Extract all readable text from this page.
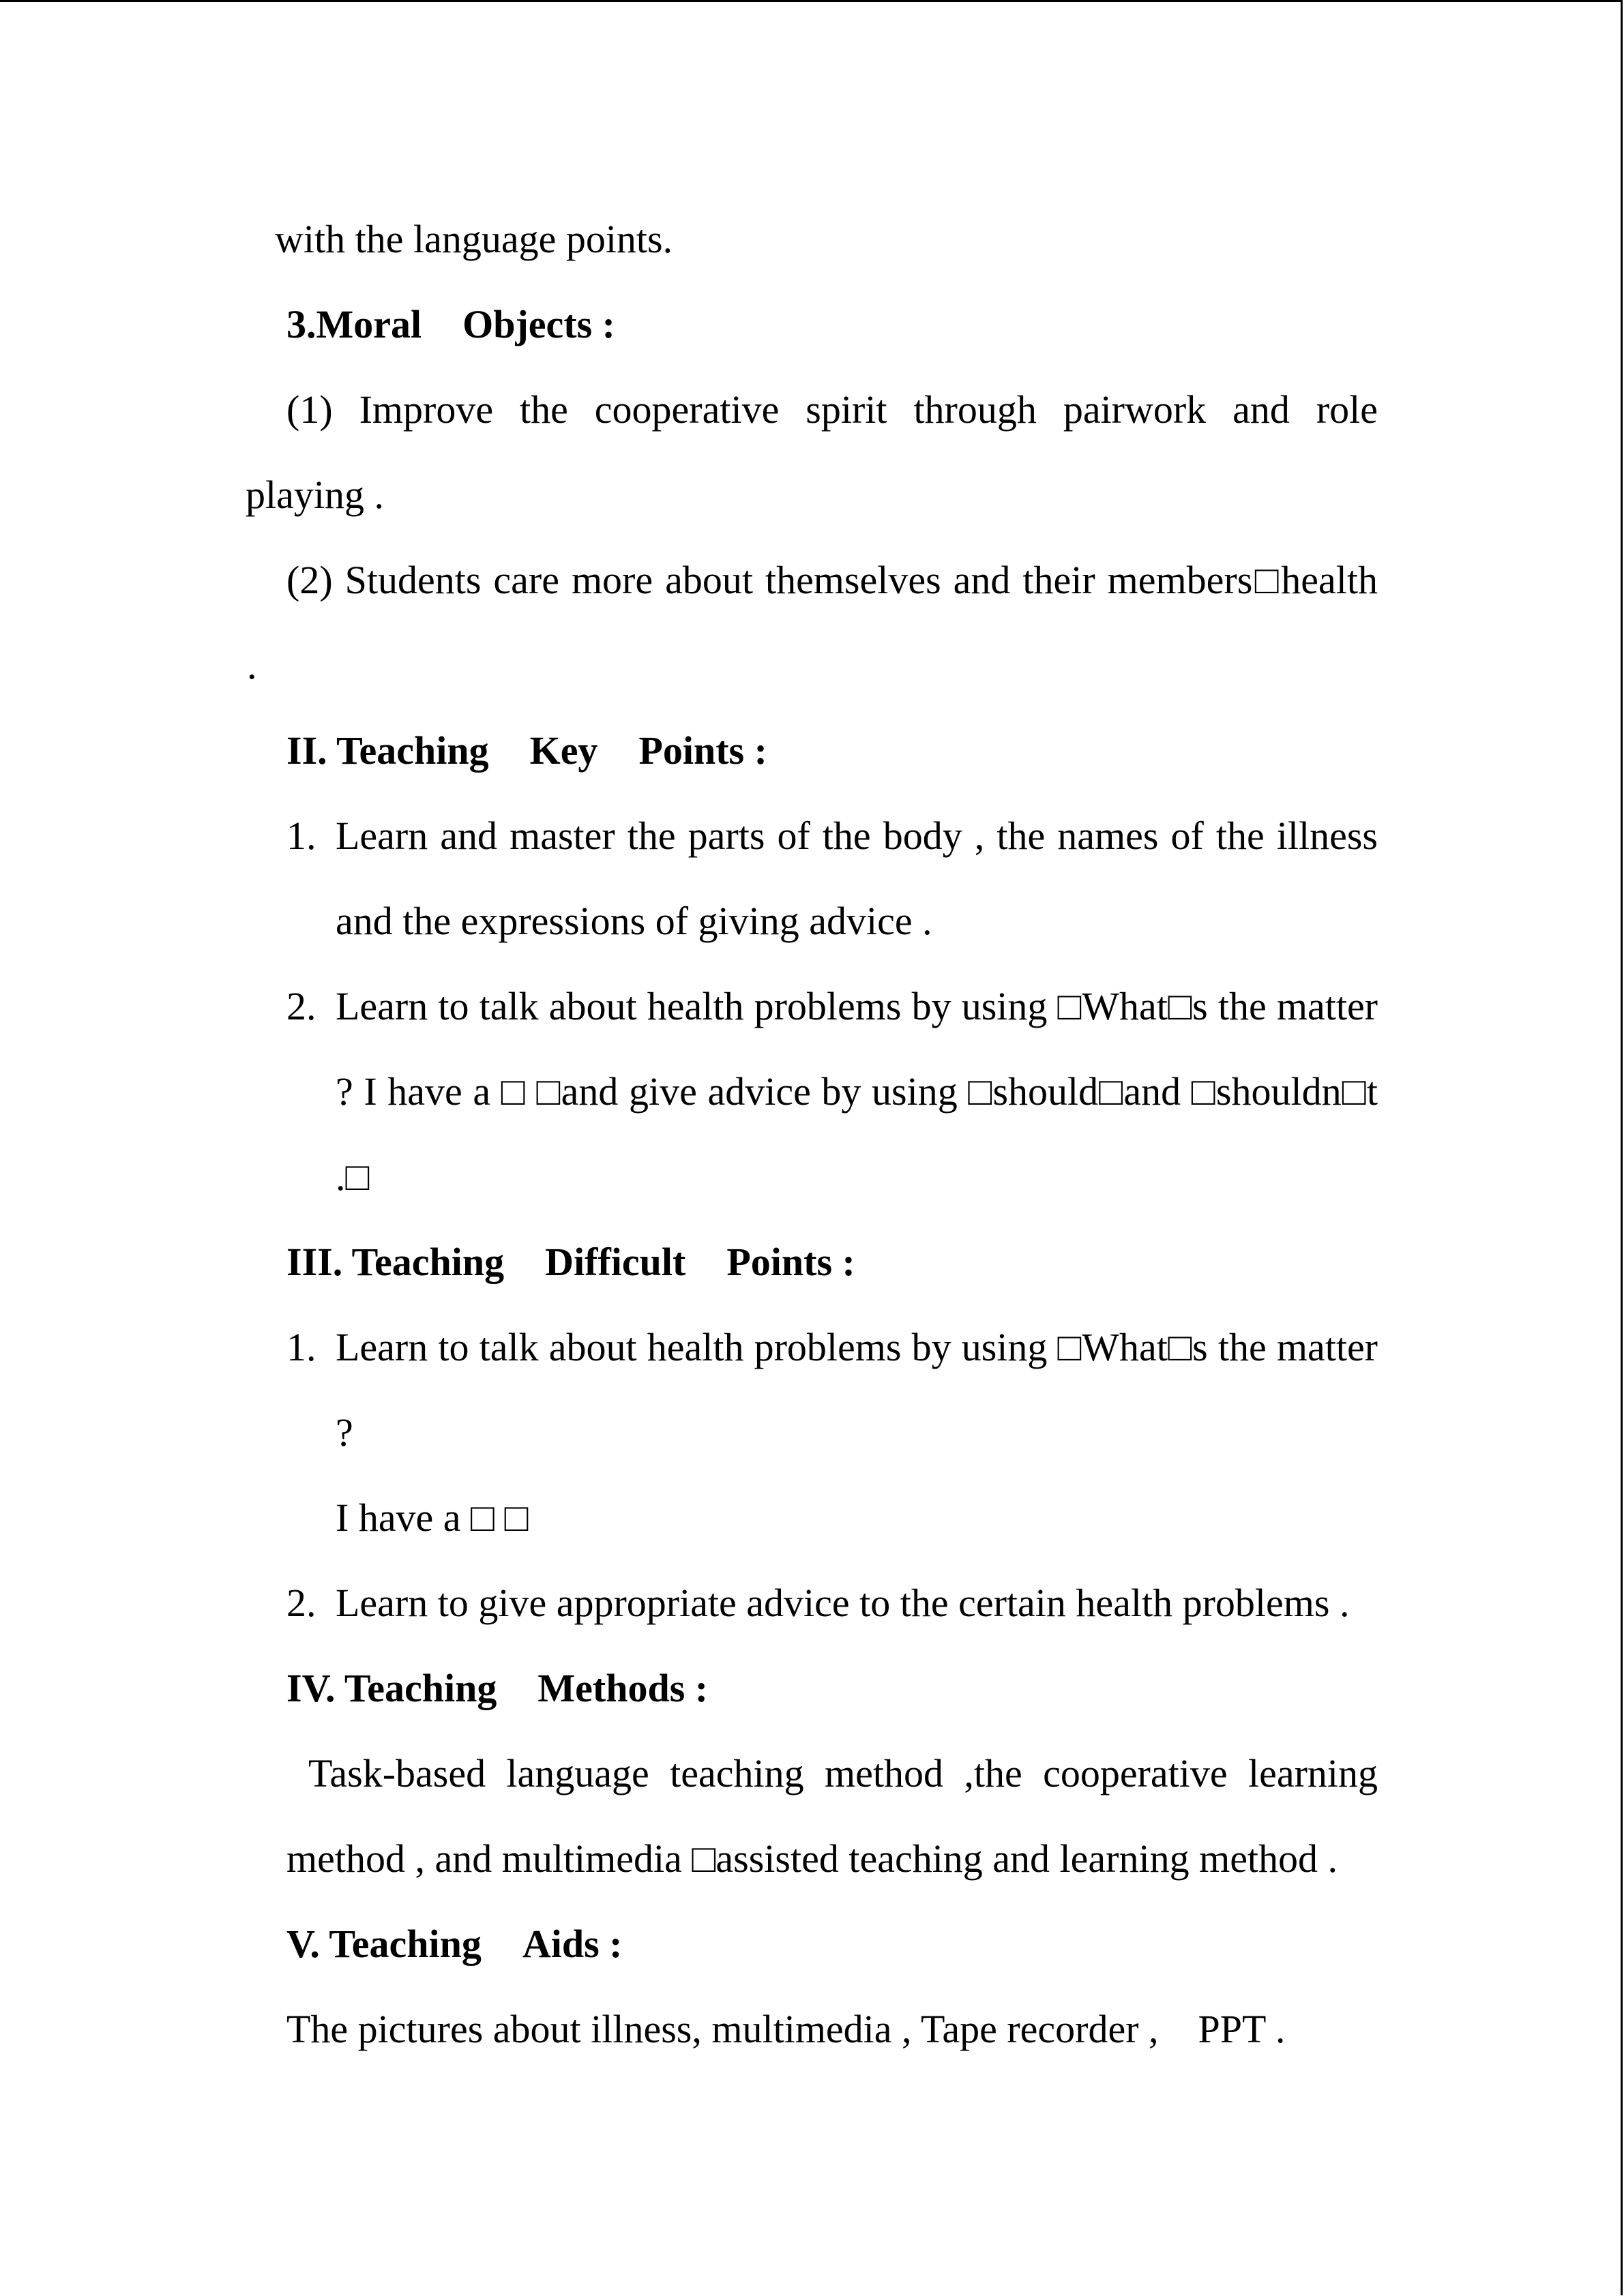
with the language points.
3.Moral Objects :
(1) Improve the cooperative spirit through pairwork and role
playing .
(2) Students care more about themselves and their members□health
.
II. Teaching Key Points :
1. Learn and master the parts of the body , the names of the illness
and the expressions of giving advice .
2. Learn to talk about health problems by using □What□s the matter
? I have a □ □and give advice by using □should□and □shouldn□t
.□
III. Teaching Difficult Points :
1. Learn to talk about health problems by using □What□s the matter
?
I have a □ □
2. Learn to give appropriate advice to the certain health problems .
IV. Teaching Methods :
Task-based language teaching method ,the cooperative learning
method , and multimedia □assisted teaching and learning method .
V. Teaching Aids :
The pictures about illness, multimedia , Tape recorder ,    PPT .
